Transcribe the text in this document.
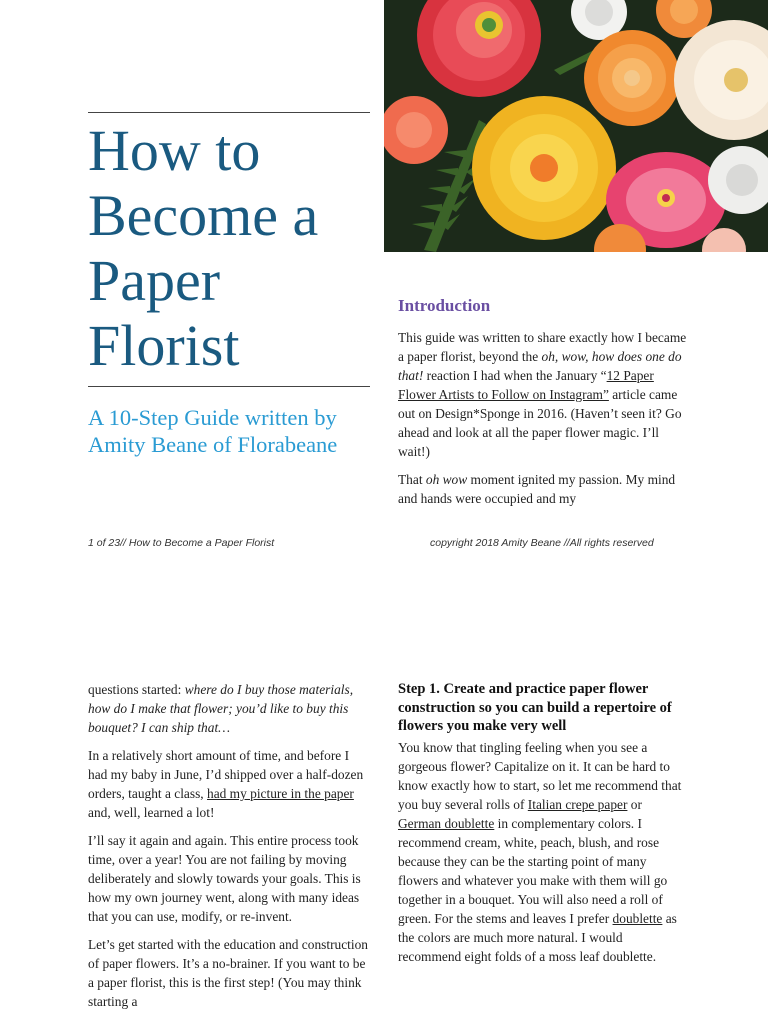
How to Become a Paper Florist
A 10-Step Guide written by Amity Beane of Florabeane
Introduction

This guide was written to share exactly how I became a paper florist, beyond the oh, wow, how does one do that! reaction I had when the January “12 Paper Flower Artists to Follow on Instagram” article came out on Design*Sponge in 2016. (Haven’t seen it? Go ahead and look at all the paper flower magic. I’ll wait!)

That oh wow moment ignited my passion. My mind and hands were occupied and my

1 of 23// How to Become a Paper Florist	copyright 2018 Amity Beane //All rights reserved

questions started: where do I buy those materials, how do I make that flower; you’d like to buy this bouquet? I can ship that…

In a relatively short amount of time, and before I had my baby in June, I’d shipped over a half-dozen orders, taught a class, had my picture in the paper and, well, learned a lot!

I’ll say it again and again. This entire process took time, over a year! You are not failing by moving deliberately and slowly towards your goals. This is how my own journey went, along with many ideas that you can use, modify, or re-invent.

Let’s get started with the education and construction of paper flowers. It’s a no-brainer. If you want to be a paper florist, this is the first step! (You may think starting a

Step 1. Create and practice paper flower construction so you can build a repertoire of flowers you make very well

You know that tingling feeling when you see a gorgeous flower? Capitalize on it. It can be hard to know exactly how to start, so let me recommend that you buy several rolls of Italian crepe paper or German doublette in complementary colors. I recommend cream, white, peach, blush, and rose because they can be the starting point of many flowers and whatever you make with them will go together in a bouquet. You will also need a roll of green. For the stems and leaves I prefer doublette as the colors are much more natural. I would recommend eight folds of a moss leaf doublette.
